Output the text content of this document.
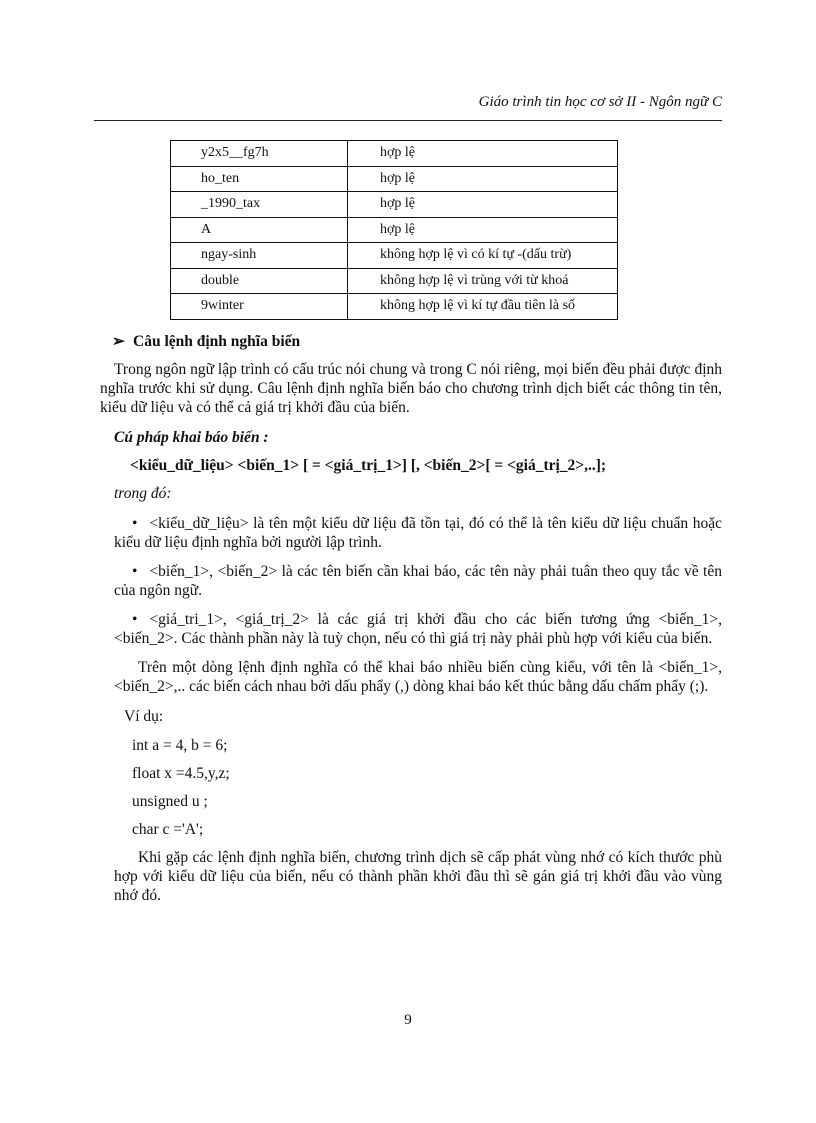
Giáo trình tin học cơ sở II - Ngôn ngữ C
y2x5__fg7h	hợp lệ
ho_ten	hợp lệ
_1990_tax	hợp lệ
A	hợp lệ
ngay-sinh	không hợp lệ vì có kí tự -(dấu trừ)
double	không hợp lệ vì trùng với từ khoá
9winter	không hợp lệ vì kí tự đầu tiên là số
➢ Câu lệnh định nghĩa biến

Trong ngôn ngữ lập trình có cấu trúc nói chung và trong C nói riêng, mọi biến đều phải được định nghĩa trước khi sử dụng. Câu lệnh định nghĩa biến báo cho chương trình dịch biết các thông tin tên, kiểu dữ liệu và có thể cả giá trị khởi đầu của biến.

Cú pháp khai báo biến :
<kiểu_dữ_liệu> <biến_1> [ = <giá_trị_1>] [, <biến_2>[ = <giá_trị_2>,..];
trong đó:

• <kiểu_dữ_liệu> là tên một kiểu dữ liệu đã tồn tại, đó có thể là tên kiểu dữ liệu chuẩn hoặc kiểu dữ liệu định nghĩa bởi người lập trình.

• <biến_1>, <biến_2> là các tên biến cần khai báo, các tên này phải tuân theo quy tắc về tên của ngôn ngữ.

• <giá_tri_1>, <giá_trị_2> là các giá trị khởi đầu cho các biến tương ứng <biến_1>, <biến_2>. Các thành phần này là tuỳ chọn, nếu có thì giá trị này phải phù hợp với kiểu của biến.

Trên một dòng lệnh định nghĩa có thể khai báo nhiều biến cùng kiểu, với tên là <biến_1>, <biến_2>,.. các biến cách nhau bởi dấu phẩy (,) dòng khai báo kết thúc bằng dấu chấm phẩy (;).

Ví dụ:
int a = 4, b = 6;
float x =4.5,y,z;
unsigned u ;
char c ='A';

Khi gặp các lệnh định nghĩa biến, chương trình dịch sẽ cấp phát vùng nhớ có kích thước phù hợp với kiểu dữ liệu của biến, nếu có thành phần khởi đầu thì sẽ gán giá trị khởi đầu vào vùng nhớ đó.

9
